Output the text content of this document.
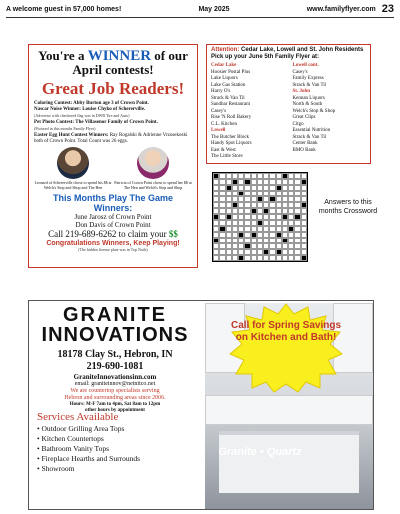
A welcome guest in 57,000 homes!	May 2025	www.familyflyer.com 23
You're a WINNER of our
April contests!
Great Job Readers!
Coloring Contest: Abby Burton age 3 of Crown Point.
Nascar Noise Winner: Louise Chyko of Schererville.
(Advertise with checkered flag was in DWB Tire and Auto)
Pet Photo Contest: The Villasenor Family of Crown Point.
(Pictured in this months Family Flyer)
Easter Egg Hunt Contest Winners: Ray Rogalski & Adrienne Vrzosekoski both of Crown Point. Total Count was 26 eggs.
Leonard of Schererville chose to spend his $$ at Welch's Stop and Shop and The Hen
Patricia of Crown Point chose to spend her $$ at The Hen and Welch's Stop and Shop
This Months Play The Game Winners:
June Jarosz of Crown Point
Don Davis of Crown Point
Call 219-689-6262 to claim your $$
Congratulations Winners, Keep Playing!
(The hidden license plate was in Top Nails)
Attention: Cedar Lake, Lowell and St. John Residents Pick up your June 5th Family Flyer at:
Cedar Lake
Hoosier Postal Plus
Lake Liquors
Lake Gas Station
Harry O's
Strack & Van Til
Sandbar Restaurant
Casey's
Rise 'N Roll Bakery
C.L. Kitchen
Lowell
The Butcher Block
Handy Spot Liquors
East & West
The Little Store
Lowell cont.
Casey's
Family Express
Strack & Van Til
St. John
Kennan Liquors
North & South
Welch's Stop & Shop
Great Clips
Citgo
Essential Nutrition
Strack & Van Til
Center Bank
BMO Bank
Answers to this months Crossword
GRANITE
INNOVATIONS
18178 Clay St., Hebron, IN
219-690-1081
GraniteInnovationsinn.com
email: graniteinnov@netnitco.net
We are countertop specialists serving
Hebron and surrounding areas since 2006.
Hours: M-F 7am to 4pm, Sat 8am to 12pm
other hours by appointment
Services Available
• Outdoor Grilling Area Tops
• Kitchen Countertops
• Bathroom Vanity Tops
• Fireplace Hearths and Surrounds
• Showroom
Call for Spring Savings on Kitchen and Bath!
Granite • Quartz
